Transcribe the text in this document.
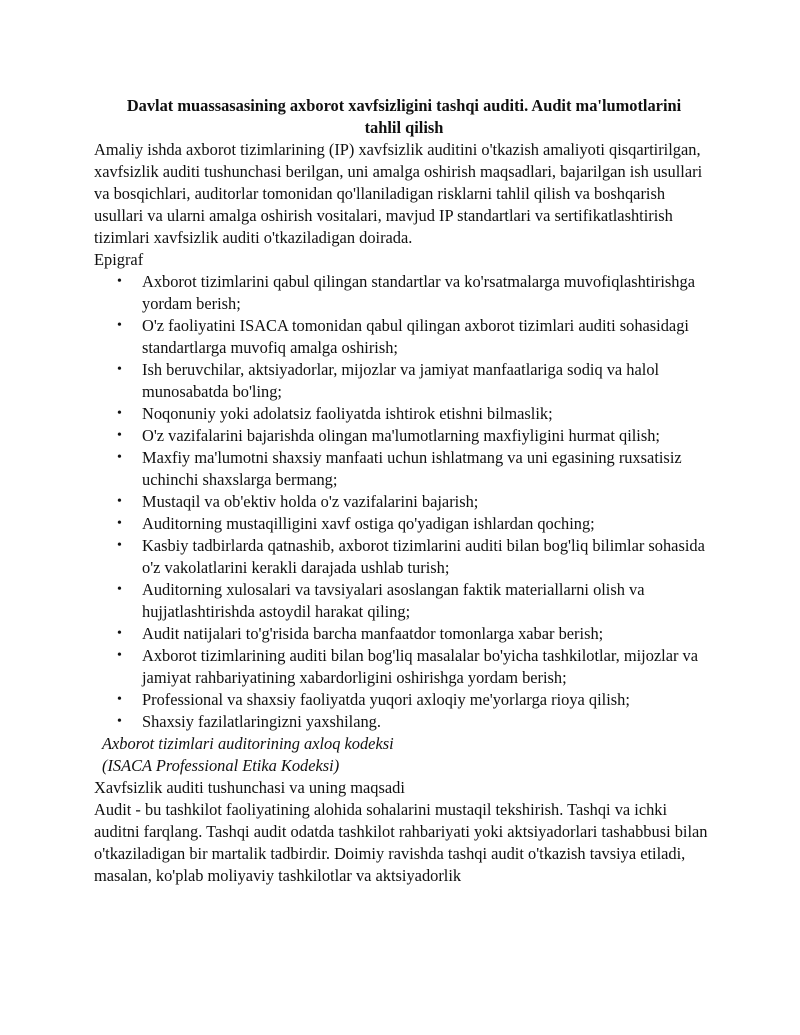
Davlat muassasasining axborot xavfsizligini tashqi auditi. Audit ma'lumotlarini tahlil qilish

Amaliy ishda axborot tizimlarining (IP) xavfsizlik auditini o'tkazish amaliyoti qisqartirilgan, xavfsizlik auditi tushunchasi berilgan, uni amalga oshirish maqsadlari, bajarilgan ish usullari va bosqichlari, auditorlar tomonidan qo'llaniladigan risklarni tahlil qilish va boshqarish usullari va ularni amalga oshirish vositalari, mavjud IP standartlari va sertifikatlashtirish tizimlari xavfsizlik auditi o'tkaziladigan doirada.

Epigraf

• Axborot tizimlarini qabul qilingan standartlar va ko'rsatmalarga muvofiqlashtirishga yordam berish;
• O'z faoliyatini ISACA tomonidan qabul qilingan axborot tizimlari auditi sohasidagi standartlarga muvofiq amalga oshirish;
• Ish beruvchilar, aktsiyadorlar, mijozlar va jamiyat manfaatlariga sodiq va halol munosabatda bo'ling;
• Noqonuniy yoki adolatsiz faoliyatda ishtirok etishni bilmaslik;
• O'z vazifalarini bajarishda olingan ma'lumotlarning maxfiyligini hurmat qilish;
• Maxfiy ma'lumotni shaxsiy manfaati uchun ishlatmang va uni egasining ruxsatisiz uchinchi shaxslarga bermang;
• Mustaqil va ob'ektiv holda o'z vazifalarini bajarish;
• Auditorning mustaqilligini xavf ostiga qo'yadigan ishlardan qoching;
• Kasbiy tadbirlarda qatnashib, axborot tizimlarini auditi bilan bog'liq bilimlar sohasida o'z vakolatlarini kerakli darajada ushlab turish;
• Auditorning xulosalari va tavsiyalari asoslangan faktik materiallarni olish va hujjatlashtirishda astoydil harakat qiling;
• Audit natijalari to'g'risida barcha manfaatdor tomonlarga xabar berish;
• Axborot tizimlarining auditi bilan bog'liq masalalar bo'yicha tashkilotlar, mijozlar va jamiyat rahbariyatining xabardorligini oshirishga yordam berish;
• Professional va shaxsiy faoliyatda yuqori axloqiy me'yorlarga rioya qilish;
• Shaxsiy fazilatlaringizni yaxshilang.

Axborot tizimlari auditorining axloq kodeksi

(ISACA Professional Etika Kodeksi)

Xavfsizlik auditi tushunchasi va uning maqsadi

Audit - bu tashkilot faoliyatining alohida sohalarini mustaqil tekshirish. Tashqi va ichki auditni farqlang. Tashqi audit odatda tashkilot rahbariyati yoki aktsiyadorlari tashabbusi bilan o'tkaziladigan bir martalik tadbirdir. Doimiy ravishda tashqi audit o'tkazish tavsiya etiladi, masalan, ko'plab moliyaviy tashkilotlar va aktsiyadorlik
